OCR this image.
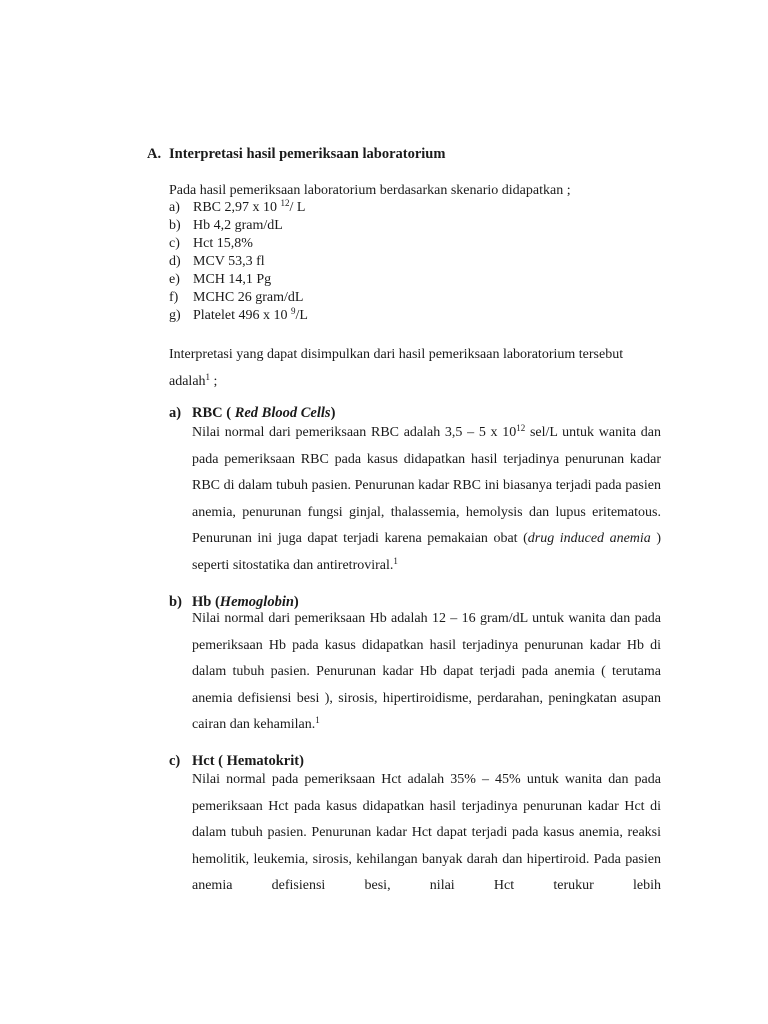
A. Interpretasi hasil pemeriksaan laboratorium
Pada hasil pemeriksaan laboratorium berdasarkan skenario didapatkan ;
a) RBC 2,97 x 10 $^{12}$/ L
b) Hb 4,2 gram/dL
c) Hct 15,8%
d) MCV 53,3 fl
e) MCH 14,1 Pg
f) MCHC 26 gram/dL
g) Platelet 496 x 10 $^9$/L

Interpretasi yang dapat disimpulkan dari hasil pemeriksaan laboratorium tersebut adalah$^1$ ;

a) RBC ( Red Blood Cells)

Nilai normal dari pemeriksaan RBC adalah 3,5 – 5 x $10^{12}$ sel/L untuk wanita dan pada pemeriksaan RBC pada kasus didapatkan hasil terjadinya penurunan kadar RBC di dalam tubuh pasien. Penurunan kadar RBC ini biasanya terjadi pada pasien anemia, penurunan fungsi ginjal, thalassemia, hemolysis dan lupus eritematous. Penurunan ini juga dapat terjadi karena pemakaian obat (drug induced anemia ) seperti sitostatika dan antiretroviral.$^1$

b) Hb (Hemoglobin)

Nilai normal dari pemeriksaan Hb adalah 12 – 16 gram/dL untuk wanita dan pada pemeriksaan Hb pada kasus didapatkan hasil terjadinya penurunan kadar Hb di dalam tubuh pasien. Penurunan kadar Hb dapat terjadi pada anemia ( terutama anemia defisiensi besi ), sirosis, hipertiroidisme, perdarahan, peningkatan asupan cairan dan kehamilan.$^1$

c) Hct ( Hematokrit)

Nilai normal pada pemeriksaan Hct adalah 35% – 45% untuk wanita dan pada pemeriksaan Hct pada kasus didapatkan hasil terjadinya penurunan kadar Hct di dalam tubuh pasien. Penurunan kadar Hct dapat terjadi pada kasus anemia, reaksi hemolitik, leukemia, sirosis, kehilangan banyak darah dan hipertiroid. Pada pasien anemia defisiensi besi, nilai Hct terukur lebih
